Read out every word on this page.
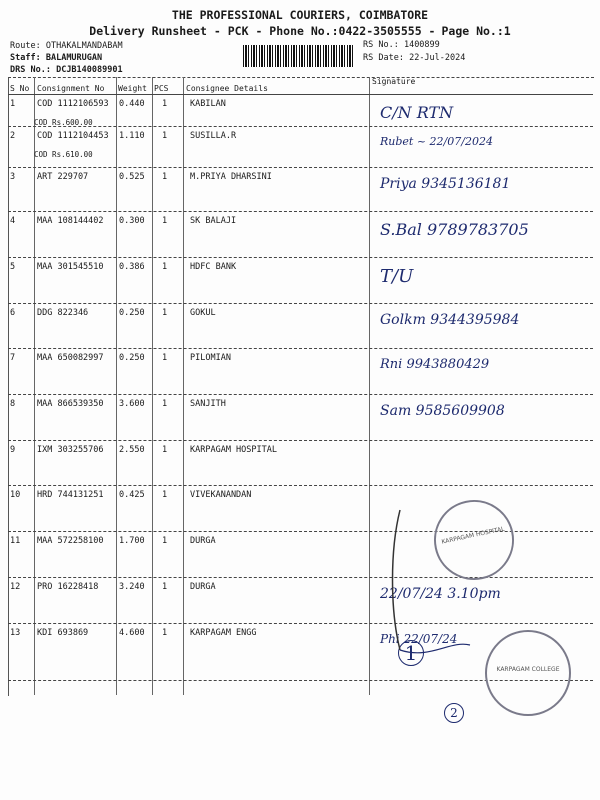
THE PROFESSIONAL COURIERS, COIMBATORE
Delivery Runsheet - PCK - Phone No.:0422-3505555 - Page No.:1
Route: OTHAKALMANDABAM
Staff: BALAMURUGAN
DRS No.: DCJB140089901
RS No.: 1400899
RS Date: 22-Jul-2024
S No Consignment No Weight PCS Consignee Details
Signature
1	COD 1112106593 0.440 1	KABILAN
COD Rs.600.00
C/N RTN
2	COD 1112104453 1.110 1	SUSILLA.R
COD Rs.610.00
Rubet ~ 22/07/2024
3	ART 229707	0.525 1	M.PRIYA DHARSINI	Priya 9345136181
4	MAA 108144402 0.300 1	SK BALAJI	S.Bal 9789783705
5	MAA 301545510 0.386 1	HDFC BANK	T/U
6	DDG 822346	0.250 1	GOKUL	Golkm 9344395984
7	MAA 650082997 0.250 1	PILOMIAN	Rni 9943880429
8	MAA 866539350 3.600 1	SANJITH	Sam 9585609908
9	IXM 303255706 2.550 1	KARPAGAM HOSPITAL
10 HRD 744131251 0.425 1	VIVEKANANDAN
11 MAA 572258100 1.700 1	DURGA
12 PRO 16228418 3.240 1	DURGA	22/07/24 3.10pm
13 KDI 693869	4.600 1	KARPAGAM ENGG	Phi 22/07/24
1
2
KARPAGAM HOSPITAL
KARPAGAM COLLEGE
